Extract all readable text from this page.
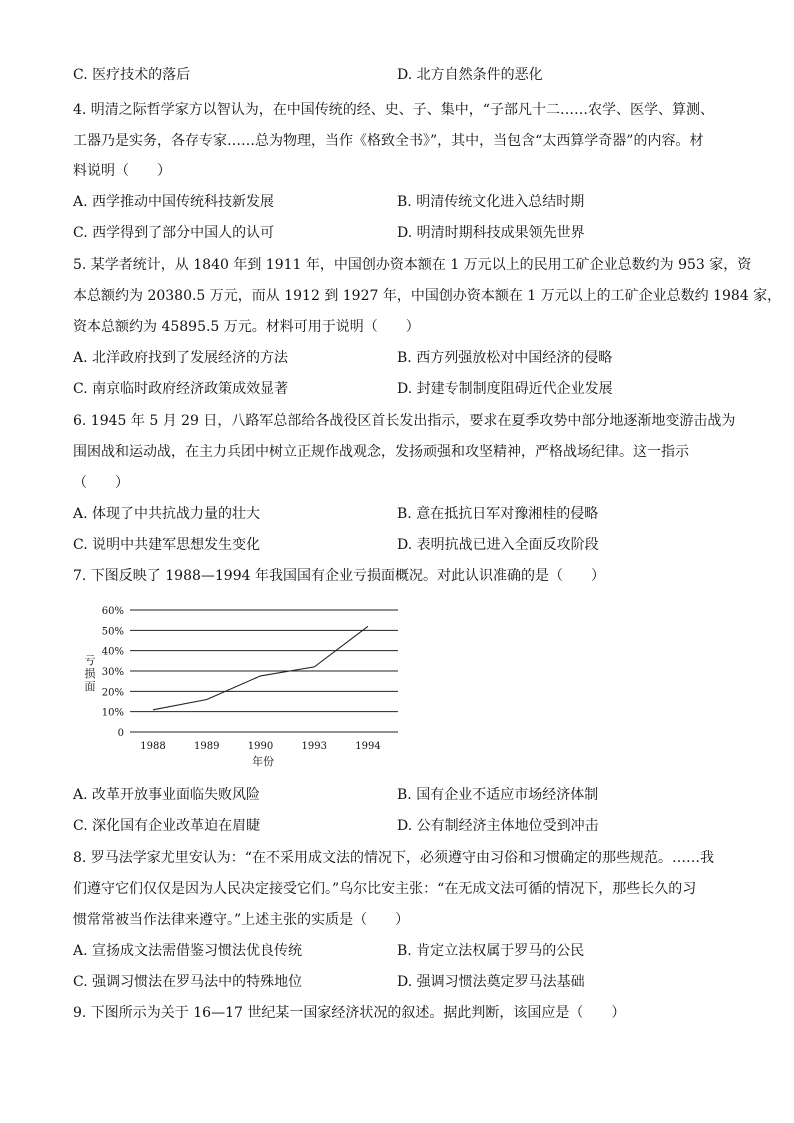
C. 医疗技术的落后	D. 北方自然条件的恶化
4. 明清之际哲学家方以智认为，在中国传统的经、史、子、集中，“子部凡十二……农学、医学、算测、
工器乃是实务，各存专家……总为物理，当作《格致全书》”，其中，当包含“太西算学奇器”的内容。材
料说明（　　）
A. 西学推动中国传统科技新发展	B. 明清传统文化进入总结时期
C. 西学得到了部分中国人的认可	D. 明清时期科技成果领先世界
5. 某学者统计，从 1840 年到 1911 年，中国创办资本额在 1 万元以上的民用工矿企业总数约为 953 家，资
本总额约为 20380.5 万元，而从 1912 到 1927 年，中国创办资本额在 1 万元以上的工矿企业总数约 1984 家，
资本总额约为 45895.5 万元。材料可用于说明（　　）
A. 北洋政府找到了发展经济的方法	B. 西方列强放松对中国经济的侵略
C. 南京临时政府经济政策成效显著	D. 封建专制制度阻碍近代企业发展
6. 1945 年 5 月 29 日，八路军总部给各战役区首长发出指示，要求在夏季攻势中部分地逐渐地变游击战为
围困战和运动战，在主力兵团中树立正规作战观念，发扬顽强和攻坚精神，严格战场纪律。这一指示
（　　）
A. 体现了中共抗战力量的壮大	B. 意在抵抗日军对豫湘桂的侵略
C. 说明中共建军思想发生变化	D. 表明抗战已进入全面反攻阶段
7. 下图反映了 1988—1994 年我国国有企业亏损面概况。对此认识准确的是（　　）
0
10%
20%
30%
40%
50%
60%
1988	1989	1990	1993	1994
亏损面
年份
A. 改革开放事业面临失败风险	B. 国有企业不适应市场经济体制
C. 深化国有企业改革迫在眉睫	D. 公有制经济主体地位受到冲击
8. 罗马法学家尤里安认为：“在不采用成文法的情况下，必须遵守由习俗和习惯确定的那些规范。……我
们遵守它们仅仅是因为人民决定接受它们。”乌尔比安主张：“在无成文法可循的情况下，那些长久的习
惯常常被当作法律来遵守。”上述主张的实质是（　　）
A. 宣扬成文法需借鉴习惯法优良传统	B. 肯定立法权属于罗马的公民
C. 强调习惯法在罗马法中的特殊地位	D. 强调习惯法奠定罗马法基础
9. 下图所示为关于 16—17 世纪某一国家经济状况的叙述。据此判断，该国应是（　　）
